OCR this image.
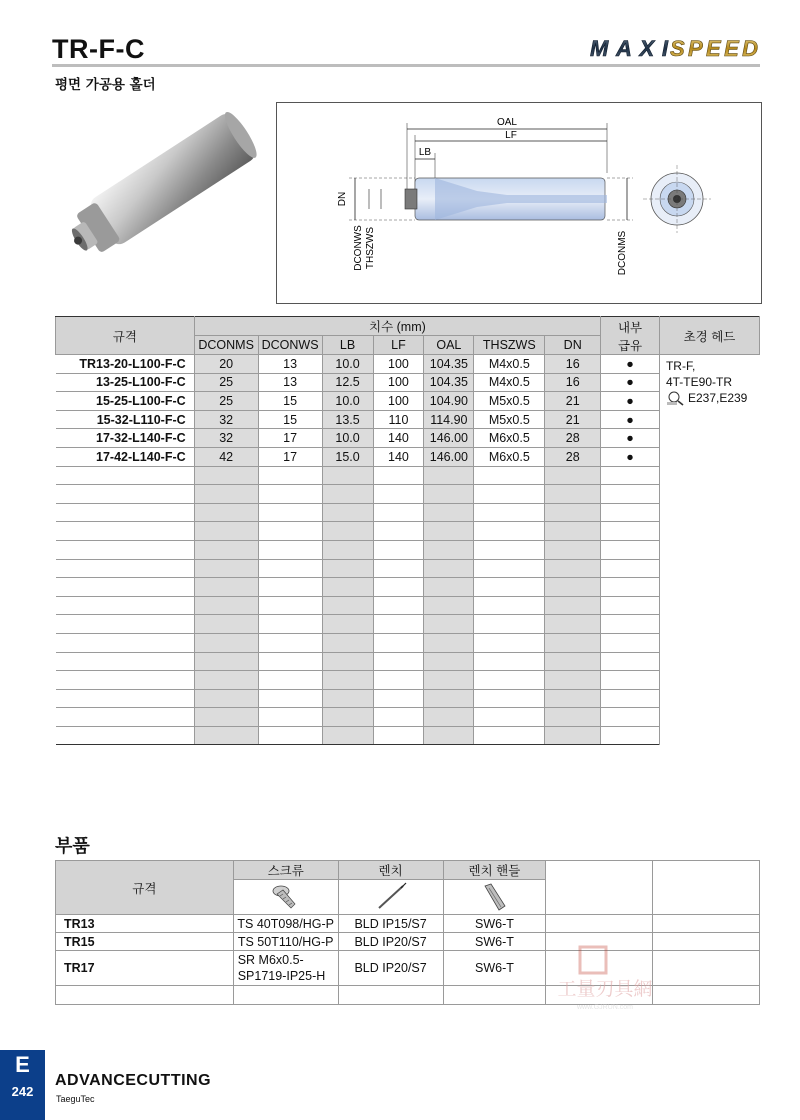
TR-F-C
평면 가공용 홀더
MAXI SPEED
OAL
LF
LB
DN
DCONWS THSZWS	DCONMS
규격	치수 (mm)							내부
급유	초경 헤드
	DCONMS	DCONWS	LB	LF	OAL	THSZWS	DN		
TR13-20-L100-F-C	20	13	10.0	100	104.35	M4x0.5	16	●	TR-F,
4T-TE90-TR
E237,E239

13-25-L100-F-C	25	13	12.5	100	104.35	M4x0.5	16	●	
15-25-L100-F-C	25	15	10.0	100	104.90	M5x0.5	21	●	
15-32-L110-F-C	32	15	13.5	110	114.90	M5x0.5	21	●	
17-32-L140-F-C	32	17	10.0	140	146.00	M6x0.5	28	●	
17-42-L140-F-C	42	17	15.0	140	146.00	M6x0.5	28	●	

부품
규격	스크류	렌치	렌치 핸들		

TR13	TS 40T098/HG-P	BLD IP15/S7	SW6-T		
TR15	TS 50T110/HG-P	BLD IP20/S7	SW6-T		
TR17	SR M6x0.5-
SP1719-IP25-H	BLD IP20/S7	SW6-T		

工量刃具網
www.GJRUN.com
E
242
ADVANCECUTTING
TaeguTec
